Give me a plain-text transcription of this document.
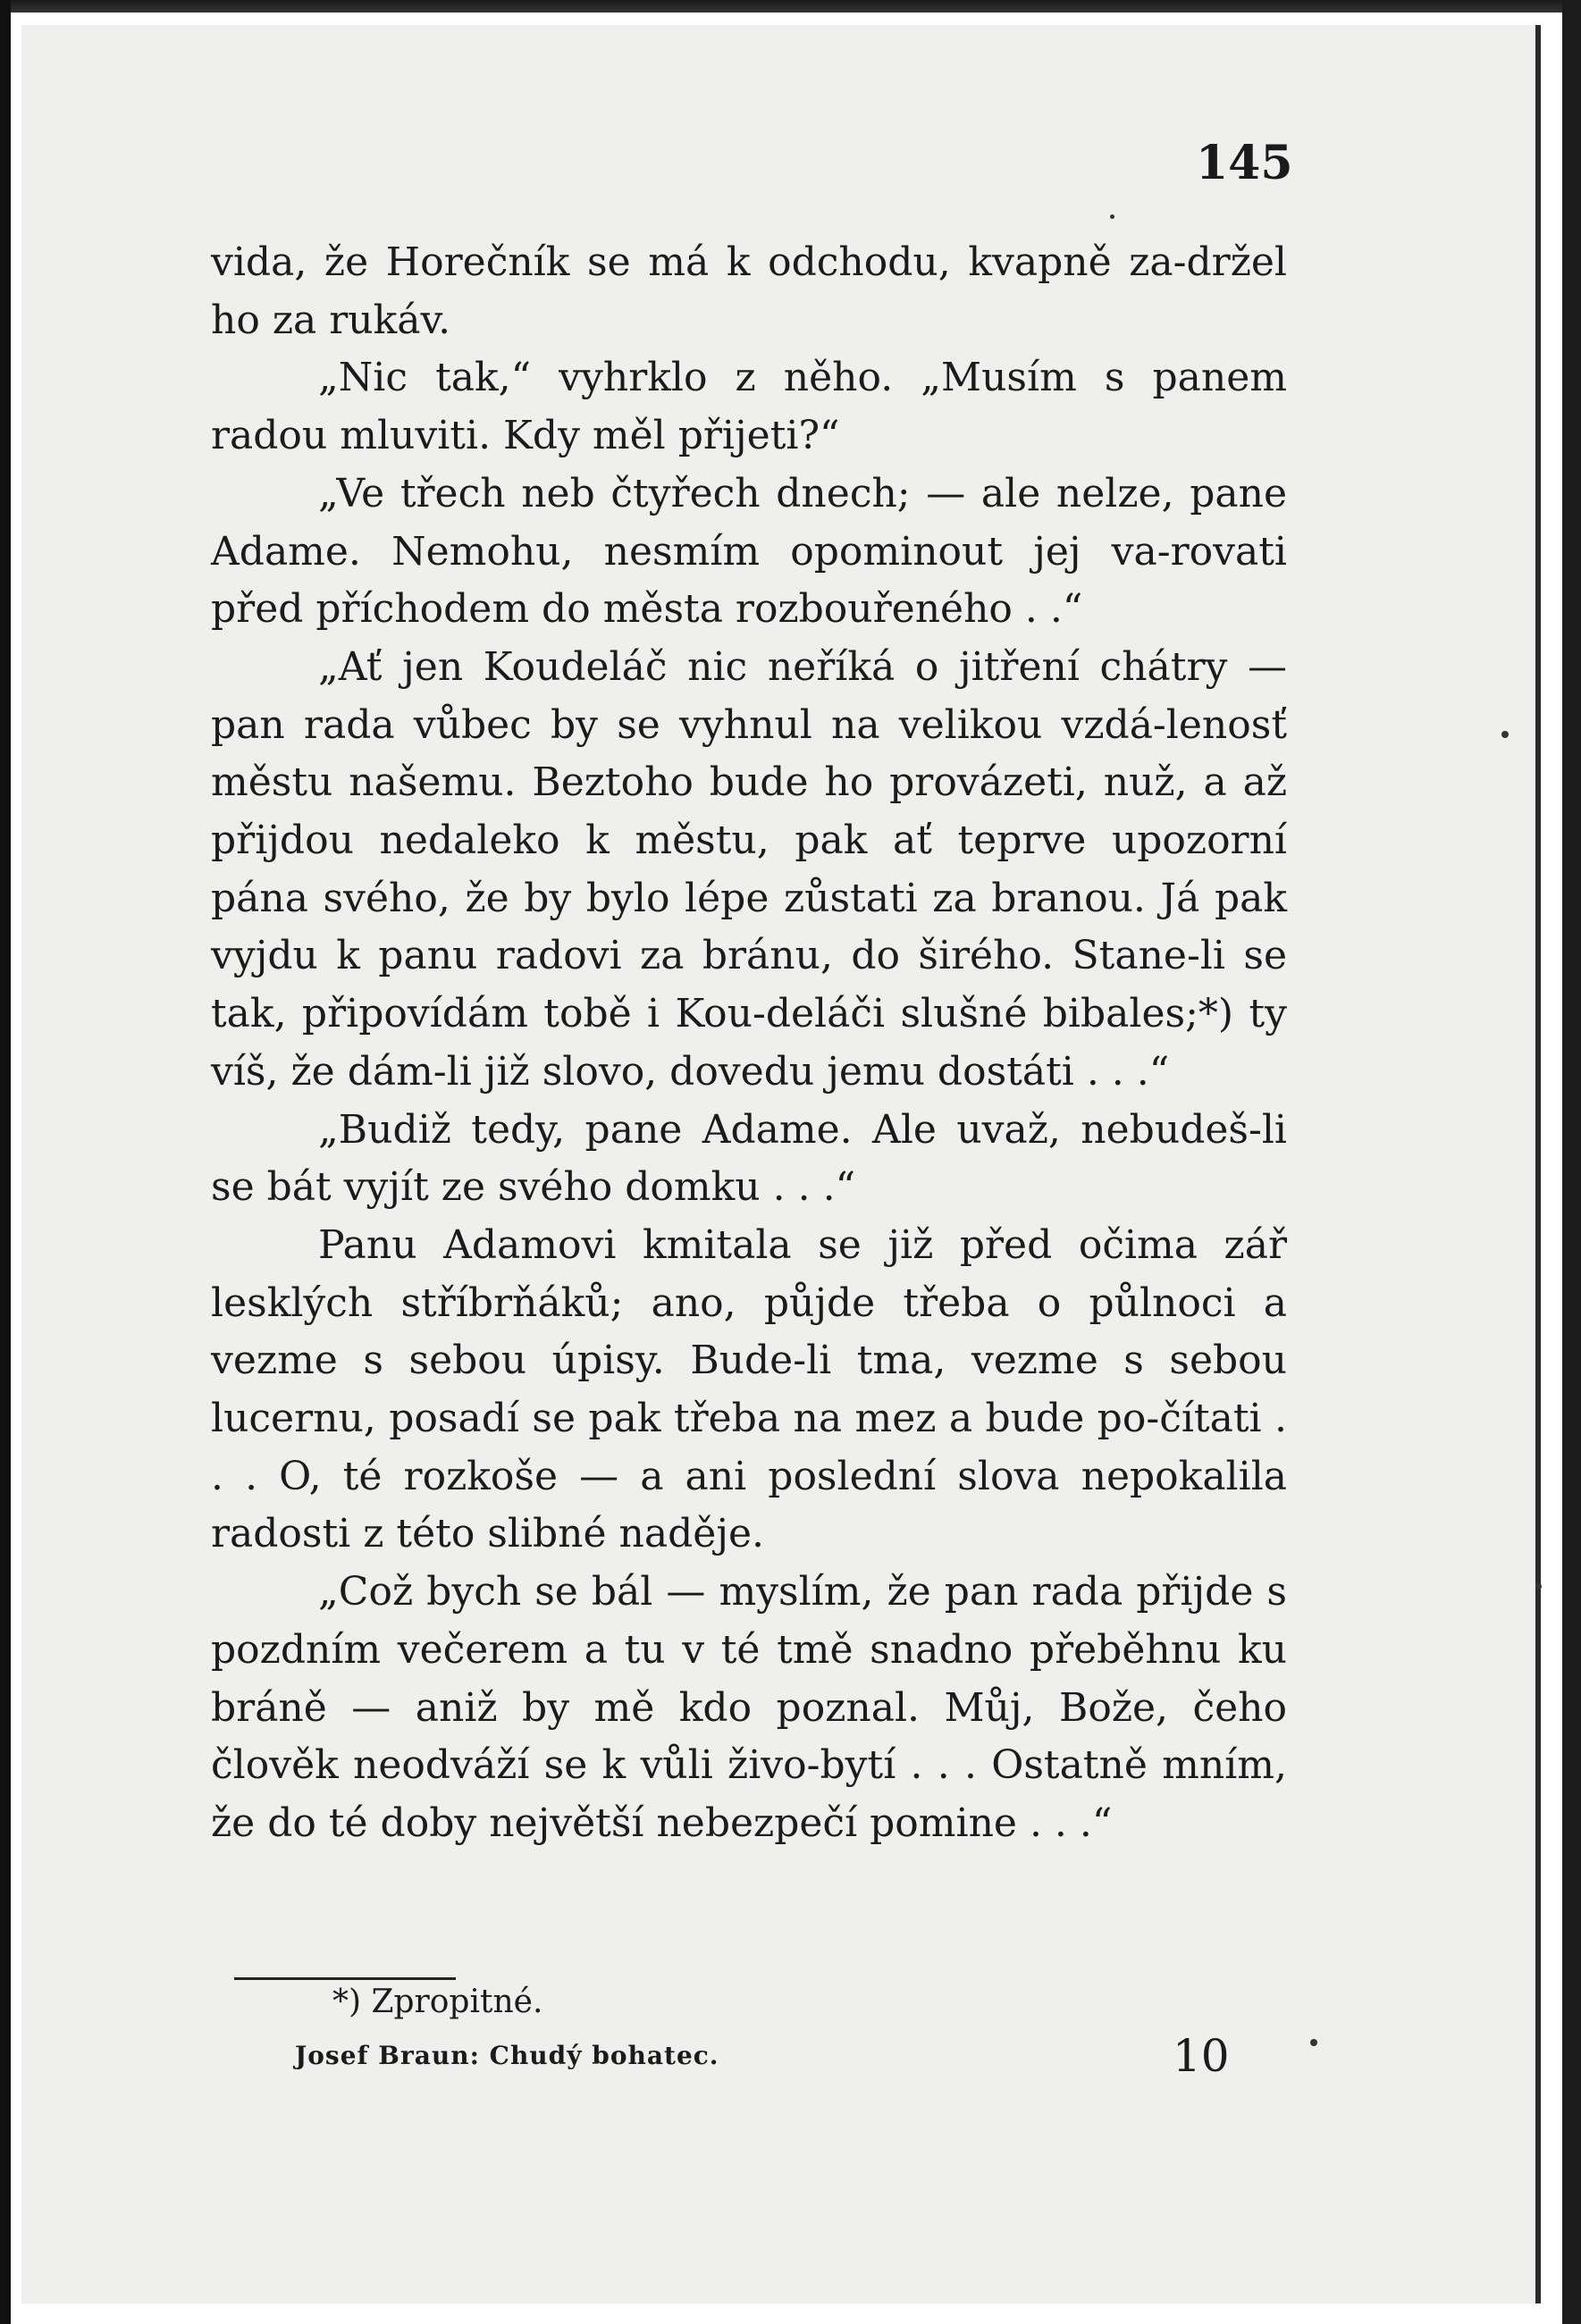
145

vida, že Horečník se má k odchodu, kvapně za-držel ho za rukáv.

„Nic tak,“ vyhrklo z něho. „Musím s panem radou mluviti. Kdy měl přijeti?“

„Ve třech neb čtyřech dnech; — ale nelze, pane Adame. Nemohu, nesmím opominout jej va-rovati před příchodem do města rozbouřeného . .“

„Ať jen Koudeláč nic neříká o jitření chátry — pan rada vůbec by se vyhnul na velikou vzdá-lenosť městu našemu. Beztoho bude ho provázeti, nuž, a až přijdou nedaleko k městu, pak ať teprve upozorní pána svého, že by bylo lépe zůstati za branou. Já pak vyjdu k panu radovi za bránu, do širého. Stane-li se tak, připovídám tobě i Kou-deláči slušné bibales;*) ty víš, že dám-li již slovo, dovedu jemu dostáti . . .“

„Budiž tedy, pane Adame. Ale uvaž, nebudeš-li se bát vyjít ze svého domku . . .“

Panu Adamovi kmitala se již před očima zář lesklých stříbrňáků; ano, půjde třeba o půlnoci a vezme s sebou úpisy. Bude-li tma, vezme s sebou lucernu, posadí se pak třeba na mez a bude po-čítati . . . O, té rozkoše — a ani poslední slova nepokalila radosti z této slibné naděje.

„Což bych se bál — myslím, že pan rada přijde s pozdním večerem a tu v té tmě snadno přeběhnu ku bráně — aniž by mě kdo poznal. Můj, Bože, čeho člověk neodváží se k vůli živo-bytí . . . Ostatně mním, že do té doby největší nebezpečí pomine . . .“

*) Zpropitné.
Josef Braun: Chudý bohatec.	10
